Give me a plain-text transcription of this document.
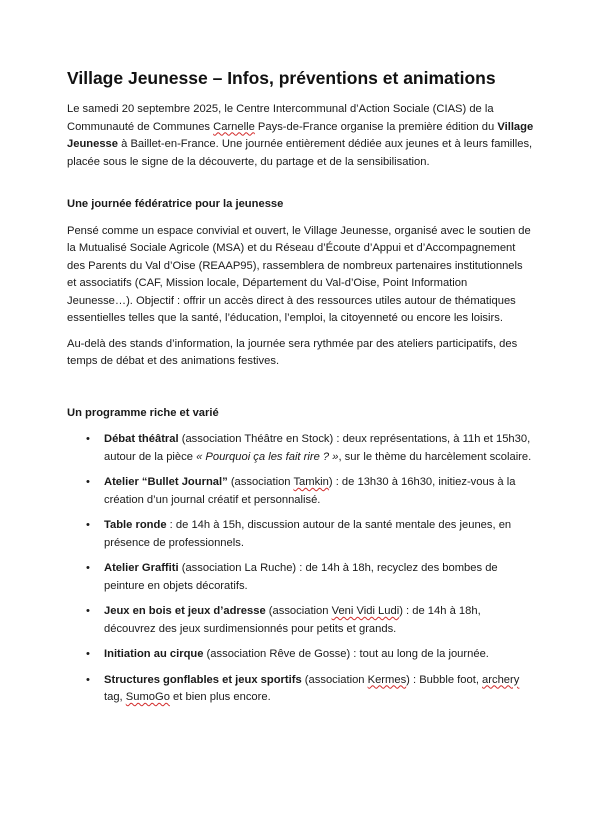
Village Jeunesse – Infos, préventions et animations

Le samedi 20 septembre 2025, le Centre Intercommunal d’Action Sociale (CIAS) de la Communauté de Communes Carnelle Pays-de-France organise la première édition du Village Jeunesse à Baillet-en-France. Une journée entièrement dédiée aux jeunes et à leurs familles, placée sous le signe de la découverte, du partage et de la sensibilisation.

Une journée fédératrice pour la jeunesse

Pensé comme un espace convivial et ouvert, le Village Jeunesse, organisé avec le soutien de la Mutualisé Sociale Agricole (MSA) et du Réseau d’Écoute d’Appui et d’Accompagnement des Parents du Val d’Oise (REAAP95), rassemblera de nombreux partenaires institutionnels et associatifs (CAF, Mission locale, Département du Val-d’Oise, Point Information Jeunesse…). Objectif : offrir un accès direct à des ressources utiles autour de thématiques essentielles telles que la santé, l’éducation, l’emploi, la citoyenneté ou encore les loisirs.

Au-delà des stands d’information, la journée sera rythmée par des ateliers participatifs, des temps de débat et des animations festives.

Un programme riche et varié
• Débat théâtral (association Théâtre en Stock) : deux représentations, à 11h et 15h30, autour de la pièce « Pourquoi ça les fait rire ? », sur le thème du harcèlement scolaire.
• Atelier “Bullet Journal” (association Tamkin) : de 13h30 à 16h30, initiez-vous à la création d’un journal créatif et personnalisé.
• Table ronde : de 14h à 15h, discussion autour de la santé mentale des jeunes, en présence de professionnels.
• Atelier Graffiti (association La Ruche) : de 14h à 18h, recyclez des bombes de peinture en objets décoratifs.
• Jeux en bois et jeux d’adresse (association Veni Vidi Ludi) : de 14h à 18h, découvrez des jeux surdimensionnés pour petits et grands.
• Initiation au cirque (association Rêve de Gosse) : tout au long de la journée.
• Structures gonflables et jeux sportifs (association Kermes) : Bubble foot, archery tag, SumoGo et bien plus encore.
